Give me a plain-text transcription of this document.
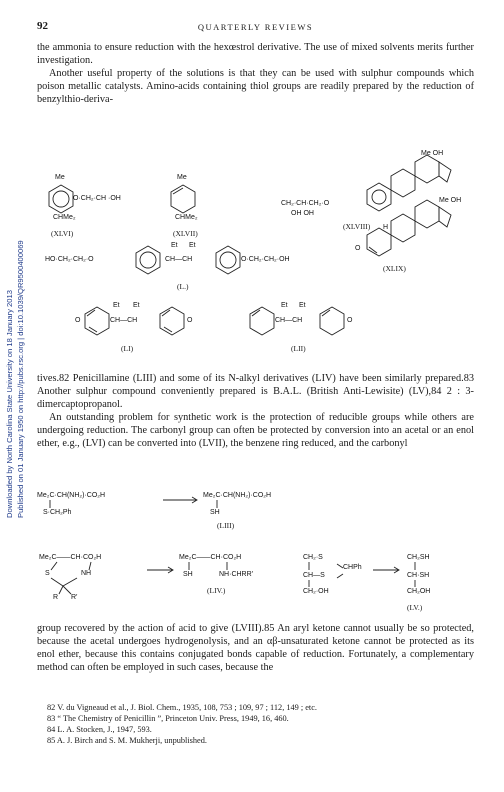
92	QUARTERLY REVIEWS
Downloaded by North Carolina State University on 18 January 2013 Published on 01 January 1950 on http://pubs.rsc.org | doi:10.1039/QR9500400069

the ammonia to ensure reduction with the hexœstrol derivative. The use of mixed solvents merits further investigation.

Another useful property of the solutions is that they can be used with sulphur compounds which poison metallic catalysts. Amino-acids containing thiol groups are readily prepared by the reduction of benzylthio-deriva-

Me
O·CH₂·CH ·OH
CHMe₂
(XLVI)
Me
CHMe₂
(XLVII)
CH₂·CH·CH₂·O
OH OH
Me OH
(XLVIII)
Me OH
H
O
(XLIX)
HO·CH₂·CH₂·O
Et Et
CH—CH	O·CH₂·CH₂·OH
(L.)
O
Et Et
CH—CH	O
(LI)
Et Et
CH—CH	O
(LII)

tives.82 Penicillamine (LIII) and some of its N-alkyl derivatives (LIV) have been similarly prepared.83 Another sulphur compound conveniently prepared is B.A.L. (British Anti-Lewisite) (LV),84 2 : 3-dimercaptopropanol.

An outstanding problem for synthetic work is the protection of reducible groups while others are undergoing reduction. The carbonyl group can often be protected by conversion into an acetal or an enol ether, e.g., (LVI) can be converted into (LVII), the benzene ring reduced, and the carbonyl

Me₂C·CH(NH₂)·CO₂H
S·CH₂Ph
Me₂C·CH(NH₂)·CO₂H
SH
(LIII)
Me₂C——CH·CO₂H
S	NH
R R′
Me₂C——CH·CO₂H
SH	NH·CHRR′
(LIV.)
CH₂·S
CHPh
CH—S
CH₂·OH
CH₂SH
CH·SH
CH₂OH
(LV.)

group recovered by the action of acid to give (LVIII).85 An aryl ketone cannot usually be so protected, because the acetal undergoes hydrogenolysis, and an αβ-unsaturated ketone cannot be protected as its enol ether, because this contains conjugated bonds capable of reduction. Fortunately, a complementary method can often be employed in such cases, because the

82 V. du Vigneaud et al., J. Biol. Chem., 1935, 108, 753 ; 109, 97 ; 112, 149 ; etc.

83 “ The Chemistry of Penicillin ”, Princeton Univ. Press, 1949, 16, 460.

84 L. A. Stocken, J., 1947, 593.

85 A. J. Birch and S. M. Mukherji, unpublished.
